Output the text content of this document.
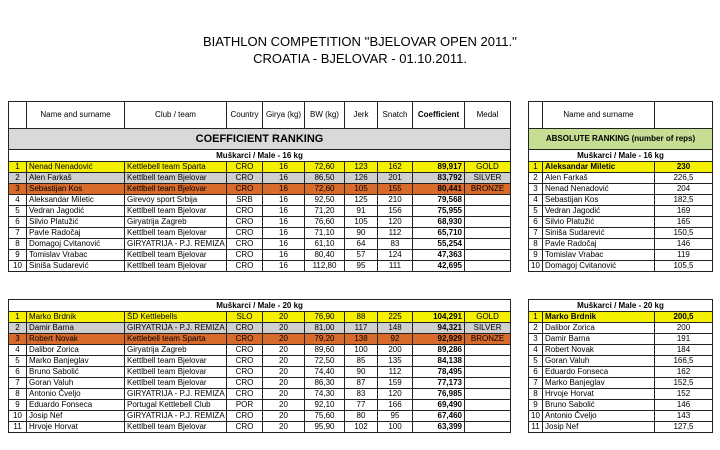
BIATHLON COMPETITION ''BJELOVAR OPEN 2011.''
CROATIA - BJELOVAR - 01.10.2011.
	Name and surname	Club / team	Country	Girya (kg)	BW (kg)	Jerk	Snatch	Coefficient	Medal
COEFFICIENT RANKING									
Muškarci / Male - 16 kg									
1	Nenad Nenadović	Kettlebell team Sparta	CRO	16	72,60	123	162	89,917	GOLD
2	Alen Farkaš	Kettlbell team Bjelovar	CRO	16	86,50	126	201	83,792	SILVER
3	Sebastijan Kos	Kettlbell team Bjelovar	CRO	16	72,60	105	155	80,441	BRONZE
4	Aleksandar Miletic	Girevoy sport Srbija	SRB	16	92,50	125	210	79,568	
5	Vedran Jagodić	Kettlbell team Bjelovar	CRO	16	71,20	91	156	75,955	
6	Silvio Platužić	Giryatrija Zagreb	CRO	16	76,60	105	120	68,930	
7	Pavle Radočaj	Kettlbell team Bjelovar	CRO	16	71,10	90	112	65,710	
8	Domagoj Cvitanović	GIRYATRIJA - P.J. REMIZA	CRO	16	61,10	64	83	55,254	
9	Tomislav Vrabac	Kettlbell team Bjelovar	CRO	16	80,40	57	124	47,363	
10	Siniša Sudarević	Kettlbell team Bjelovar	CRO	16	112,80	95	111	42,695	
	Name and surname	
ABSOLUTE RANKING (number of reps)		
Muškarci / Male - 16 kg		
1	Aleksandar Miletic	230
2	Alen Farkaš	226,5
3	Nenad Nenadović	204
4	Sebastijan Kos	182,5
5	Vedran Jagodić	169
6	Silvio Platužić	165
7	Siniša Sudarević	150,5
8	Pavle Radočaj	146
9	Tomislav Vrabac	119
10	Domagoj Cvitanović	105,5
Muškarci / Male - 20 kg									
1	Marko Brdnik	ŠD Kettlebells	SLO	20	76,90	88	225	104,291	GOLD
2	Damir Barna	GIRYATRIJA - P.J. REMIZA	CRO	20	81,00	117	148	94,321	SILVER
3	Robert Novak	Kettlebell team Sparta	CRO	20	79,20	138	92	92,929	BRONZE
4	Dalibor Zorica	Giryatrija Zagreb	CRO	20	89,60	100	200	89,286	
5	Marko Banjeglav	Kettlbell team Bjelovar	CRO	20	72,50	85	135	84,138	
6	Bruno Sabolić	Kettlbell team Bjelovar	CRO	20	74,40	90	112	78,495	
7	Goran Valuh	Kettlbell team Bjelovar	CRO	20	86,30	87	159	77,173	
8	Antonio Čveljo	GIRYATRIJA - P.J. REMIZA	CRO	20	74,30	83	120	76,985	
9	Eduardo Fonseca	Portugal Kettlebell Club	POR	20	92,10	77	166	69,490	
10	Josip Nef	GIRYATRIJA - P.J. REMIZA	CRO	20	75,60	80	95	67,460	
11	Hrvoje Horvat	Kettlbell team Bjelovar	CRO	20	95,90	102	100	63,399	
Muškarci / Male - 20 kg		
1	Marko Brdnik	200,5
2	Dalibor Zorica	200
3	Damir Barna	191
4	Robert Novak	184
5	Goran Valuh	166,5
6	Eduardo Fonseca	162
7	Marko Banjeglav	152,5
8	Hrvoje Horvat	152
9	Bruno Sabolić	146
10	Antonio Čveljo	143
11	Josip Nef	127,5
